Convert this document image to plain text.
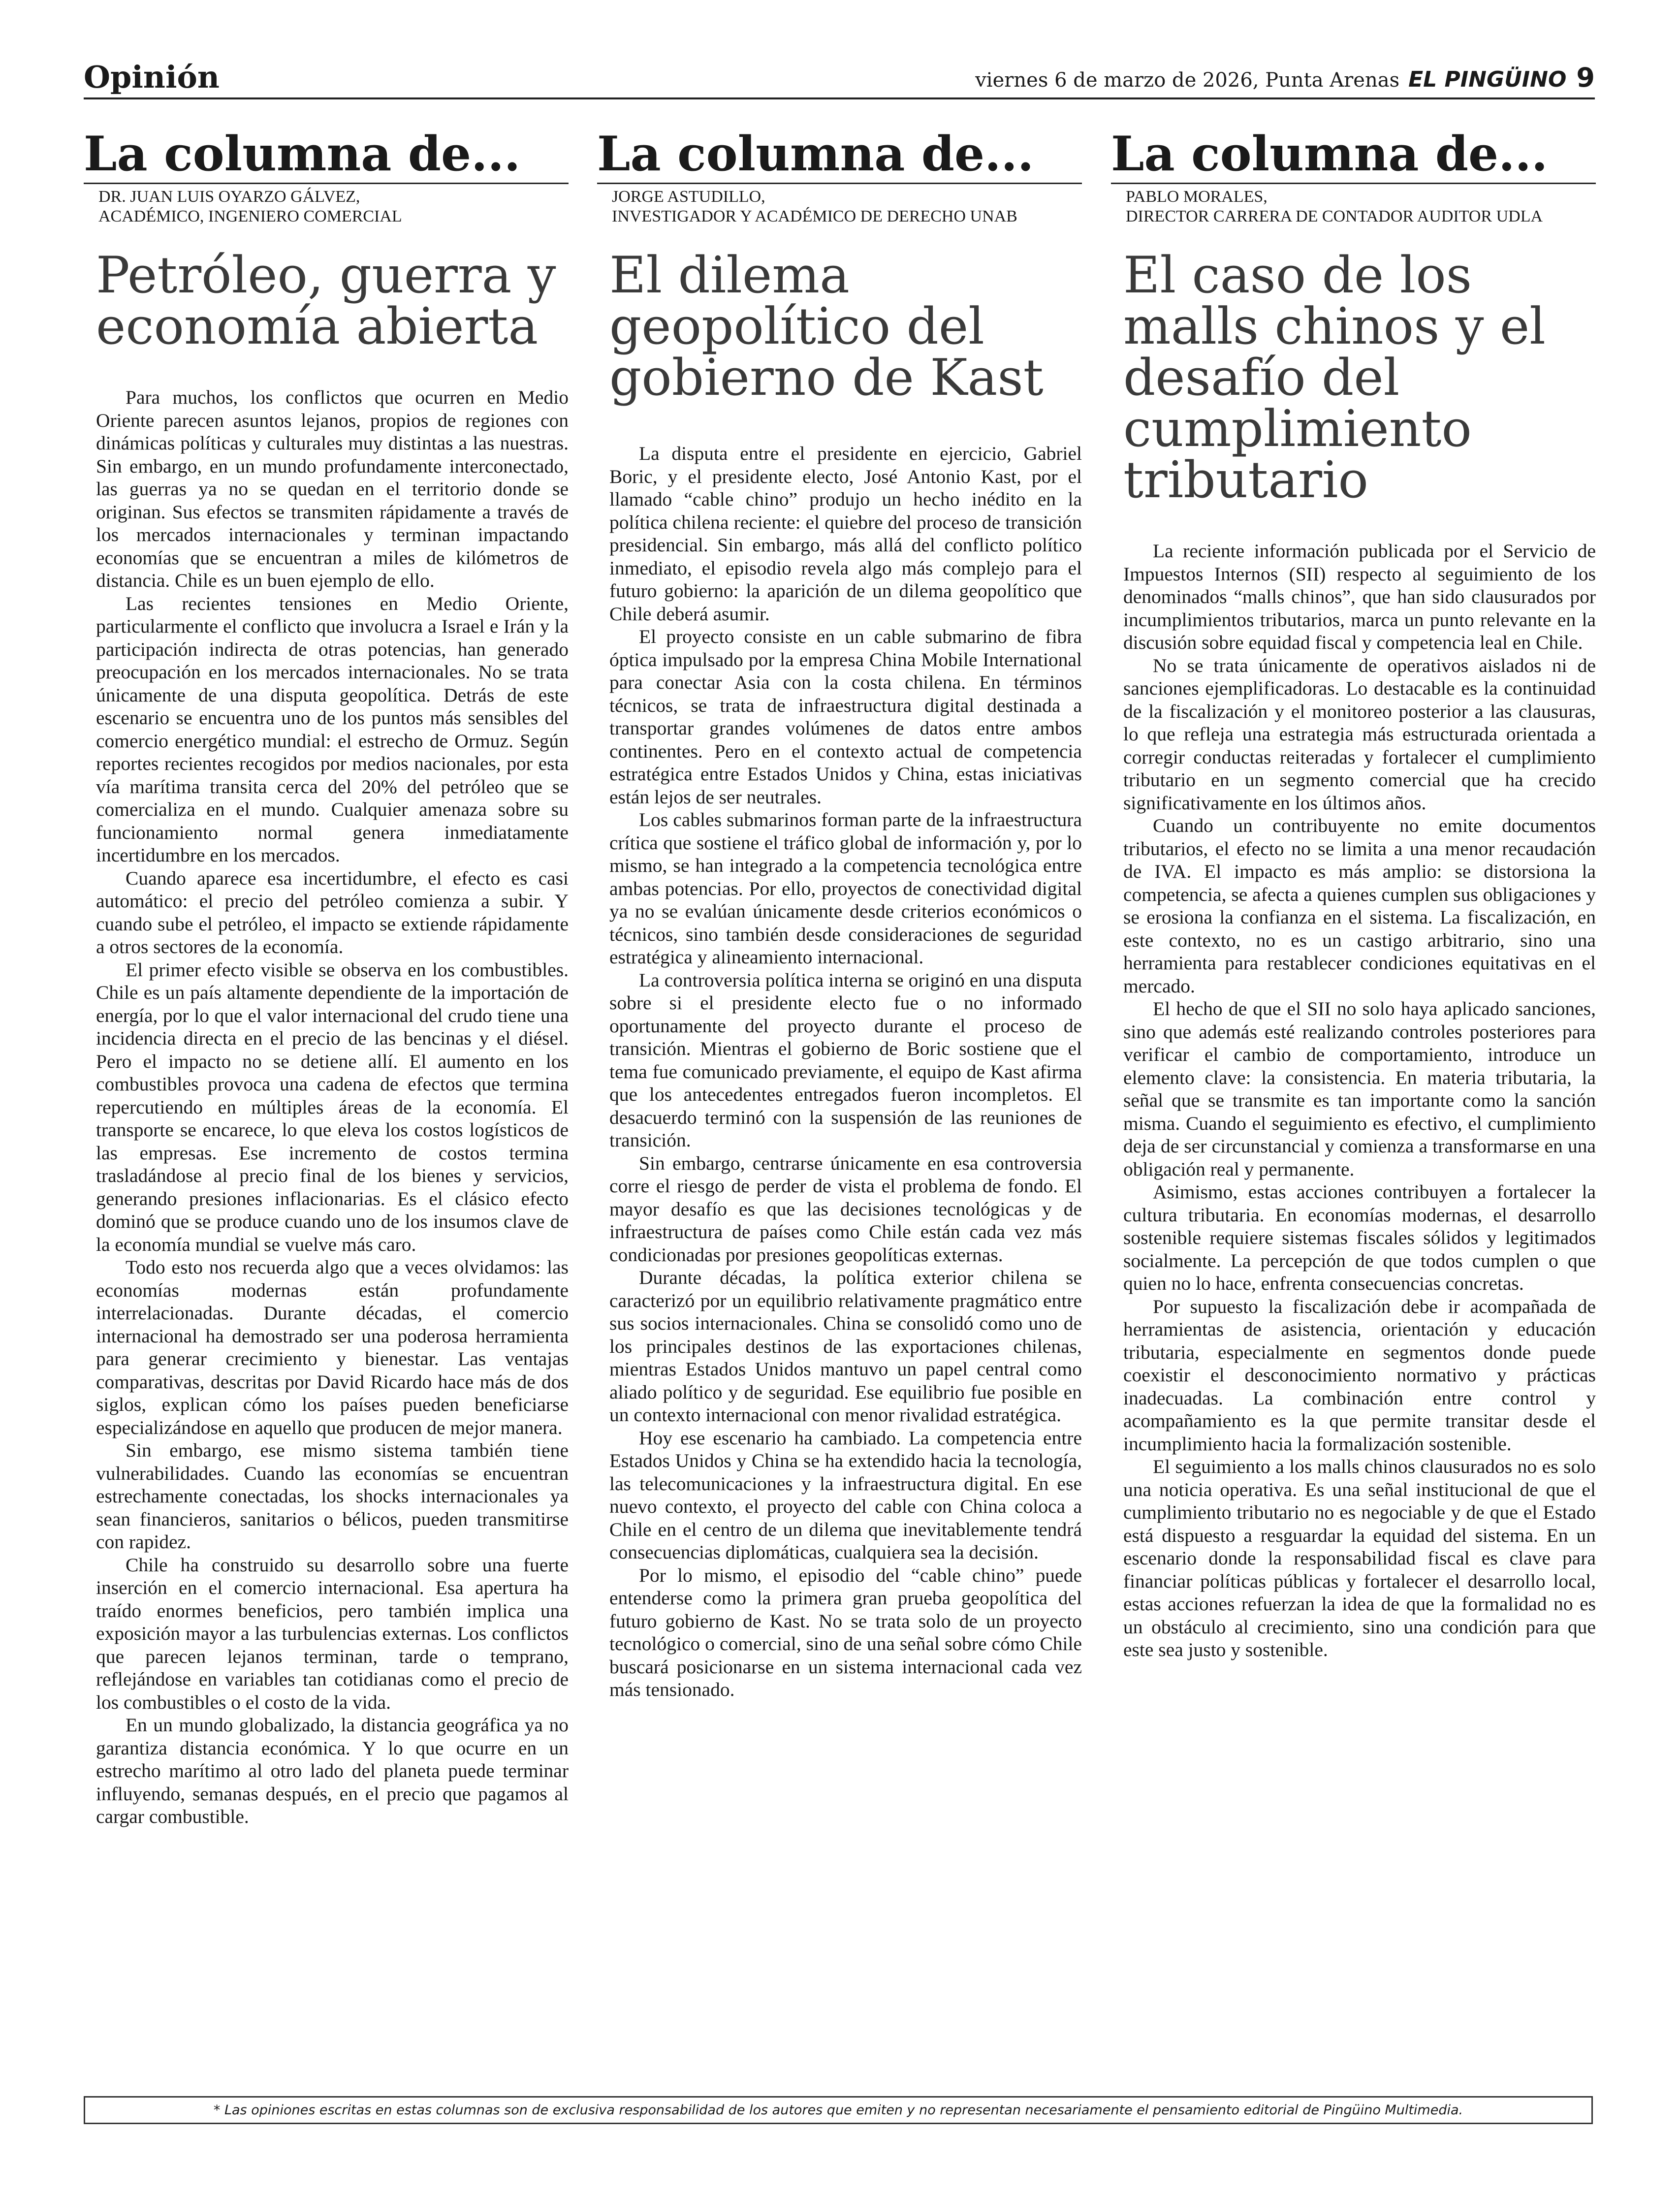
Opinión	viernes 6 de marzo de 2026, Punta Arenas EL PINGÜINO 9
La columna de...
DR. JUAN LUIS OYARZO GÁLVEZ,
ACADÉMICO, INGENIERO COMERCIAL
Petróleo, guerra y economía abierta

Para muchos, los conflictos que ocurren en Medio Oriente parecen asuntos lejanos, propios de regiones con dinámicas políticas y culturales muy distintas a las nuestras. Sin embargo, en un mundo profundamente interconectado, las guerras ya no se quedan en el territorio donde se originan. Sus efectos se transmiten rápidamente a través de los mercados internacionales y terminan impactando economías que se encuentran a miles de kilómetros de distancia. Chile es un buen ejemplo de ello.

Las recientes tensiones en Medio Oriente, particularmente el conflicto que involucra a Israel e Irán y la participación indirecta de otras potencias, han generado preocupación en los mercados internacionales. No se trata únicamente de una disputa geopolítica. Detrás de este escenario se encuentra uno de los puntos más sensibles del comercio energético mundial: el estrecho de Ormuz. Según reportes recientes recogidos por medios nacionales, por esta vía marítima transita cerca del 20% del petróleo que se comercializa en el mundo. Cualquier amenaza sobre su funcionamiento normal genera inmediatamente incertidumbre en los mercados.

Cuando aparece esa incertidumbre, el efecto es casi automático: el precio del petróleo comienza a subir. Y cuando sube el petróleo, el impacto se extiende rápidamente a otros sectores de la economía.

El primer efecto visible se observa en los combustibles. Chile es un país altamente dependiente de la importación de energía, por lo que el valor internacional del crudo tiene una incidencia directa en el precio de las bencinas y el diésel. Pero el impacto no se detiene allí. El aumento en los combustibles provoca una cadena de efectos que termina repercutiendo en múltiples áreas de la economía. El transporte se encarece, lo que eleva los costos logísticos de las empresas. Ese incremento de costos termina trasladándose al precio final de los bienes y servicios, generando presiones inflacionarias. Es el clásico efecto dominó que se produce cuando uno de los insumos clave de la economía mundial se vuelve más caro.

Todo esto nos recuerda algo que a veces olvidamos: las economías modernas están profundamente interrelacionadas. Durante décadas, el comercio internacional ha demostrado ser una poderosa herramienta para generar crecimiento y bienestar. Las ventajas comparativas, descritas por David Ricardo hace más de dos siglos, explican cómo los países pueden beneficiarse especializándose en aquello que producen de mejor manera.

Sin embargo, ese mismo sistema también tiene vulnerabilidades. Cuando las economías se encuentran estrechamente conectadas, los shocks internacionales ya sean financieros, sanitarios o bélicos, pueden transmitirse con rapidez.

Chile ha construido su desarrollo sobre una fuerte inserción en el comercio internacional. Esa apertura ha traído enormes beneficios, pero también implica una exposición mayor a las turbulencias externas. Los conflictos que parecen lejanos terminan, tarde o temprano, reflejándose en variables tan cotidianas como el precio de los combustibles o el costo de la vida.

En un mundo globalizado, la distancia geográfica ya no garantiza distancia económica. Y lo que ocurre en un estrecho marítimo al otro lado del planeta puede terminar influyendo, semanas después, en el precio que pagamos al cargar combustible.

La columna de...
JORGE ASTUDILLO,
INVESTIGADOR Y ACADÉMICO DE DERECHO UNAB
El dilema geopolítico del gobierno de Kast

La disputa entre el presidente en ejercicio, Gabriel Boric, y el presidente electo, José Antonio Kast, por el llamado “cable chino” produjo un hecho inédito en la política chilena reciente: el quiebre del proceso de transición presidencial. Sin embargo, más allá del conflicto político inmediato, el episodio revela algo más complejo para el futuro gobierno: la aparición de un dilema geopolítico que Chile deberá asumir.

El proyecto consiste en un cable submarino de fibra óptica impulsado por la empresa China Mobile International para conectar Asia con la costa chilena. En términos técnicos, se trata de infraestructura digital destinada a transportar grandes volúmenes de datos entre ambos continentes. Pero en el contexto actual de competencia estratégica entre Estados Unidos y China, estas iniciativas están lejos de ser neutrales.

Los cables submarinos forman parte de la infraestructura crítica que sostiene el tráfico global de información y, por lo mismo, se han integrado a la competencia tecnológica entre ambas potencias. Por ello, proyectos de conectividad digital ya no se evalúan únicamente desde criterios económicos o técnicos, sino también desde consideraciones de seguridad estratégica y alineamiento internacional.

La controversia política interna se originó en una disputa sobre si el presidente electo fue o no informado oportunamente del proyecto durante el proceso de transición. Mientras el gobierno de Boric sostiene que el tema fue comunicado previamente, el equipo de Kast afirma que los antecedentes entregados fueron incompletos. El desacuerdo terminó con la suspensión de las reuniones de transición.

Sin embargo, centrarse únicamente en esa controversia corre el riesgo de perder de vista el problema de fondo. El mayor desafío es que las decisiones tecnológicas y de infraestructura de países como Chile están cada vez más condicionadas por presiones geopolíticas externas.

Durante décadas, la política exterior chilena se caracterizó por un equilibrio relativamente pragmático entre sus socios internacionales. China se consolidó como uno de los principales destinos de las exportaciones chilenas, mientras Estados Unidos mantuvo un papel central como aliado político y de seguridad. Ese equilibrio fue posible en un contexto internacional con menor rivalidad estratégica.

Hoy ese escenario ha cambiado. La competencia entre Estados Unidos y China se ha extendido hacia la tecnología, las telecomunicaciones y la infraestructura digital. En ese nuevo contexto, el proyecto del cable con China coloca a Chile en el centro de un dilema que inevitablemente tendrá consecuencias diplomáticas, cualquiera sea la decisión.

Por lo mismo, el episodio del “cable chino” puede entenderse como la primera gran prueba geopolítica del futuro gobierno de Kast. No se trata solo de un proyecto tecnológico o comercial, sino de una señal sobre cómo Chile buscará posicionarse en un sistema internacional cada vez más tensionado.

La columna de...
PABLO MORALES,
DIRECTOR CARRERA DE CONTADOR AUDITOR UDLA
El caso de los malls chinos y el desafío del cumplimiento tributario

La reciente información publicada por el Servicio de Impuestos Internos (SII) respecto al seguimiento de los denominados “malls chinos”, que han sido clausurados por incumplimientos tributarios, marca un punto relevante en la discusión sobre equidad fiscal y competencia leal en Chile.

No se trata únicamente de operativos aislados ni de sanciones ejemplificadoras. Lo destacable es la continuidad de la fiscalización y el monitoreo posterior a las clausuras, lo que refleja una estrategia más estructurada orientada a corregir conductas reiteradas y fortalecer el cumplimiento tributario en un segmento comercial que ha crecido significativamente en los últimos años.

Cuando un contribuyente no emite documentos tributarios, el efecto no se limita a una menor recaudación de IVA. El impacto es más amplio: se distorsiona la competencia, se afecta a quienes cumplen sus obligaciones y se erosiona la confianza en el sistema. La fiscalización, en este contexto, no es un castigo arbitrario, sino una herramienta para restablecer condiciones equitativas en el mercado.

El hecho de que el SII no solo haya aplicado sanciones, sino que además esté realizando controles posteriores para verificar el cambio de comportamiento, introduce un elemento clave: la consistencia. En materia tributaria, la señal que se transmite es tan importante como la sanción misma. Cuando el seguimiento es efectivo, el cumplimiento deja de ser circunstancial y comienza a transformarse en una obligación real y permanente.

Asimismo, estas acciones contribuyen a fortalecer la cultura tributaria. En economías modernas, el desarrollo sostenible requiere sistemas fiscales sólidos y legitimados socialmente. La percepción de que todos cumplen o que quien no lo hace, enfrenta consecuencias concretas.

Por supuesto la fiscalización debe ir acompañada de herramientas de asistencia, orientación y educación tributaria, especialmente en segmentos donde puede coexistir el desconocimiento normativo y prácticas inadecuadas. La combinación entre control y acompañamiento es la que permite transitar desde el incumplimiento hacia la formalización sostenible.

El seguimiento a los malls chinos clausurados no es solo una noticia operativa. Es una señal institucional de que el cumplimiento tributario no es negociable y de que el Estado está dispuesto a resguardar la equidad del sistema. En un escenario donde la responsabilidad fiscal es clave para financiar políticas públicas y fortalecer el desarrollo local, estas acciones refuerzan la idea de que la formalidad no es un obstáculo al crecimiento, sino una condición para que este sea justo y sostenible.

* Las opiniones escritas en estas columnas son de exclusiva responsabilidad de los autores que emiten y no representan necesariamente el pensamiento editorial de Pingüino Multimedia.
